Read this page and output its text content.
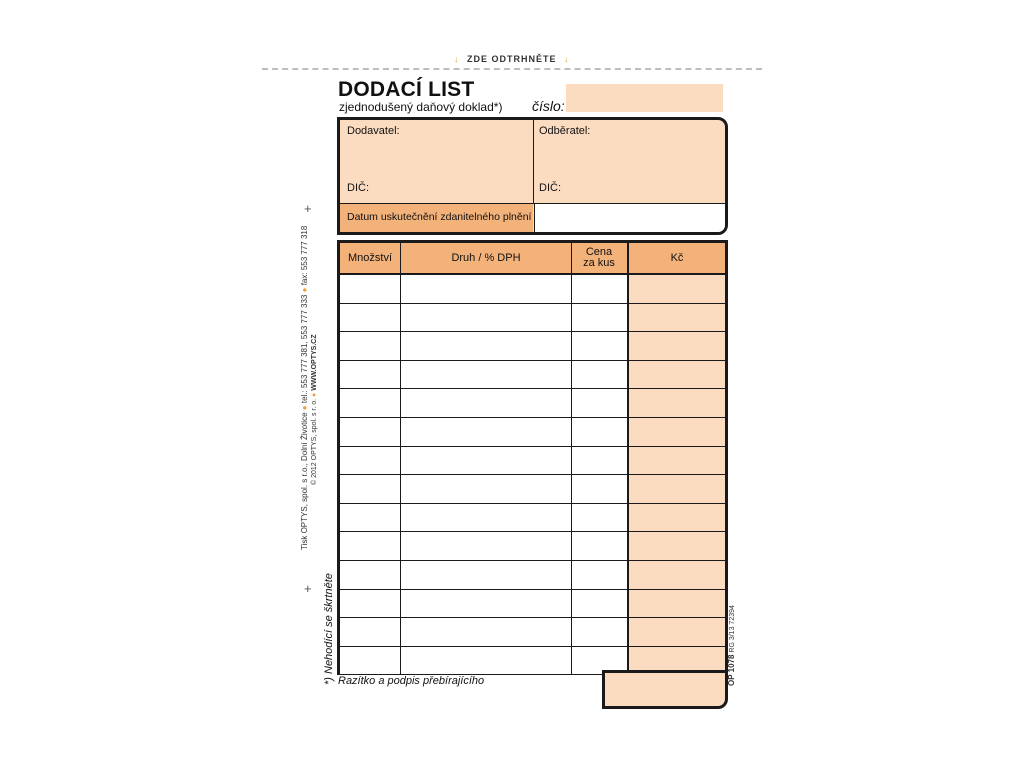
↓ ZDE ODTRHNĚTE ↓
DODACÍ LIST
zjednodušený daňový doklad*) číslo:
Dodavatel:	Odběratel:
DIČ:	DIČ:
Datum uskutečnění zdanitelného plnění
Množství	Druh / % DPH	Cena za kus	Kč
Razítko a podpis přebírajícího
+
+
Tisk OPTYS, spol. s r.o., Dolní Životice ● tel.: 553 777 381, 553 777 333 ● fax: 553 777 318
© 2012 OPTYS, spol. s r. o. ● WWW.OPTYS.CZ
*) Nehodící se škrtněte	OP 1078 RG 3/13 72394
